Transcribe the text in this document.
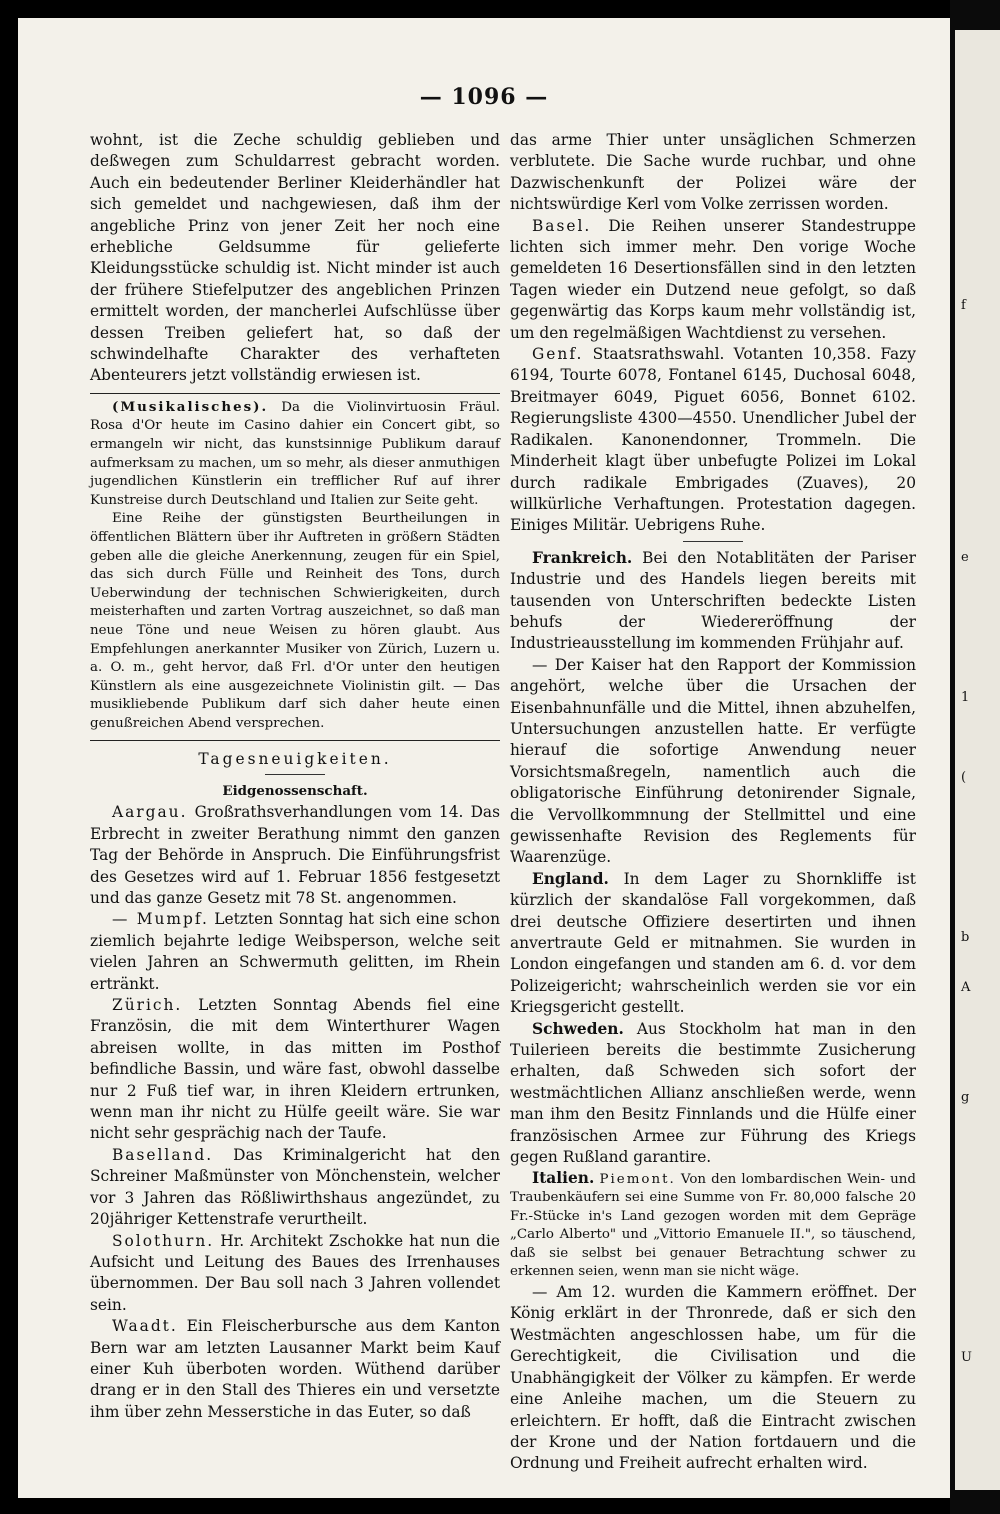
f
e
1
(
b
A
g
U
— 1096 —

wohnt, ist die Zeche schuldig geblieben und deßwegen zum Schuldarrest gebracht worden. Auch ein bedeutender Berliner Kleiderhändler hat sich gemeldet und nachgewiesen, daß ihm der angebliche Prinz von jener Zeit her noch eine erhebliche Geldsumme für gelieferte Kleidungsstücke schuldig ist. Nicht minder ist auch der frühere Stiefelputzer des angeblichen Prinzen ermittelt worden, der mancherlei Aufschlüsse über dessen Treiben geliefert hat, so daß der schwindelhafte Charakter des verhafteten Abenteurers jetzt vollständig erwiesen ist.

(Musikalisches). Da die Violinvirtuosin Fräul. Rosa d'Or heute im Casino dahier ein Concert gibt, so ermangeln wir nicht, das kunstsinnige Publikum darauf aufmerksam zu machen, um so mehr, als dieser anmuthigen jugendlichen Künstlerin ein trefflicher Ruf auf ihrer Kunstreise durch Deutschland und Italien zur Seite geht.

Eine Reihe der günstigsten Beurtheilungen in öffentlichen Blättern über ihr Auftreten in größern Städten geben alle die gleiche Anerkennung, zeugen für ein Spiel, das sich durch Fülle und Reinheit des Tons, durch Ueberwindung der technischen Schwierigkeiten, durch meisterhaften und zarten Vortrag auszeichnet, so daß man neue Töne und neue Weisen zu hören glaubt. Aus Empfehlungen anerkannter Musiker von Zürich, Luzern u. a. O. m., geht hervor, daß Frl. d'Or unter den heutigen Künstlern als eine ausgezeichnete Violinistin gilt. — Das musikliebende Publikum darf sich daher heute einen genußreichen Abend versprechen.

Tagesneuigkeiten.
Eidgenossenschaft.

Aargau. Großrathsverhandlungen vom 14. Das Erbrecht in zweiter Berathung nimmt den ganzen Tag der Behörde in Anspruch. Die Einführungsfrist des Gesetzes wird auf 1. Februar 1856 festgesetzt und das ganze Gesetz mit 78 St. angenommen.

— Mumpf. Letzten Sonntag hat sich eine schon ziemlich bejahrte ledige Weibsperson, welche seit vielen Jahren an Schwermuth gelitten, im Rhein ertränkt.

Zürich. Letzten Sonntag Abends fiel eine Französin, die mit dem Winterthurer Wagen abreisen wollte, in das mitten im Posthof befindliche Bassin, und wäre fast, obwohl dasselbe nur 2 Fuß tief war, in ihren Kleidern ertrunken, wenn man ihr nicht zu Hülfe geeilt wäre. Sie war nicht sehr gesprächig nach der Taufe.

Baselland. Das Kriminalgericht hat den Schreiner Maßmünster von Mönchenstein, welcher vor 3 Jahren das Rößliwirthshaus angezündet, zu 20jähriger Kettenstrafe verurtheilt.

Solothurn. Hr. Architekt Zschokke hat nun die Aufsicht und Leitung des Baues des Irrenhauses übernommen. Der Bau soll nach 3 Jahren vollendet sein.

Waadt. Ein Fleischerbursche aus dem Kanton Bern war am letzten Lausanner Markt beim Kauf einer Kuh überboten worden. Wüthend darüber drang er in den Stall des Thieres ein und versetzte ihm über zehn Messerstiche in das Euter, so daß

das arme Thier unter unsäglichen Schmerzen verblutete. Die Sache wurde ruchbar, und ohne Dazwischenkunft der Polizei wäre der nichtswürdige Kerl vom Volke zerrissen worden.

Basel. Die Reihen unserer Standestruppe lichten sich immer mehr. Den vorige Woche gemeldeten 16 Desertionsfällen sind in den letzten Tagen wieder ein Dutzend neue gefolgt, so daß gegenwärtig das Korps kaum mehr vollständig ist, um den regelmäßigen Wachtdienst zu versehen.

Genf. Staatsrathswahl. Votanten 10,358. Fazy 6194, Tourte 6078, Fontanel 6145, Duchosal 6048, Breitmayer 6049, Piguet 6056, Bonnet 6102. Regierungsliste 4300—4550. Unendlicher Jubel der Radikalen. Kanonendonner, Trommeln. Die Minderheit klagt über unbefugte Polizei im Lokal durch radikale Embrigades (Zuaves), 20 willkürliche Verhaftungen. Protestation dagegen. Einiges Militär. Uebrigens Ruhe.

Frankreich. Bei den Notablitäten der Pariser Industrie und des Handels liegen bereits mit tausenden von Unterschriften bedeckte Listen behufs der Wiedereröffnung der Industrieausstellung im kommenden Frühjahr auf.

— Der Kaiser hat den Rapport der Kommission angehört, welche über die Ursachen der Eisenbahnunfälle und die Mittel, ihnen abzuhelfen, Untersuchungen anzustellen hatte. Er verfügte hierauf die sofortige Anwendung neuer Vorsichtsmaßregeln, namentlich auch die obligatorische Einführung detonirender Signale, die Vervollkommnung der Stellmittel und eine gewissenhafte Revision des Reglements für Waarenzüge.

England. In dem Lager zu Shornkliffe ist kürzlich der skandalöse Fall vorgekommen, daß drei deutsche Offiziere desertirten und ihnen anvertraute Geld er mitnahmen. Sie wurden in London eingefangen und standen am 6. d. vor dem Polizeigericht; wahrscheinlich werden sie vor ein Kriegsgericht gestellt.

Schweden. Aus Stockholm hat man in den Tuilerieen bereits die bestimmte Zusicherung erhalten, daß Schweden sich sofort der westmächtlichen Allianz anschließen werde, wenn man ihm den Besitz Finnlands und die Hülfe einer französischen Armee zur Führung des Kriegs gegen Rußland garantire.

Italien. Piemont. Von den lombardischen Wein- und Traubenkäufern sei eine Summe von Fr. 80,000 falsche 20 Fr.-Stücke in's Land gezogen worden mit dem Gepräge „Carlo Alberto" und „Vittorio Emanuele II.", so täuschend, daß sie selbst bei genauer Betrachtung schwer zu erkennen seien, wenn man sie nicht wäge.

— Am 12. wurden die Kammern eröffnet. Der König erklärt in der Thronrede, daß er sich den Westmächten angeschlossen habe, um für die Gerechtigkeit, die Civilisation und die Unabhängigkeit der Völker zu kämpfen. Er werde eine Anleihe machen, um die Steuern zu erleichtern. Er hofft, daß die Eintracht zwischen der Krone und der Nation fortdauern und die Ordnung und Freiheit aufrecht erhalten wird.
